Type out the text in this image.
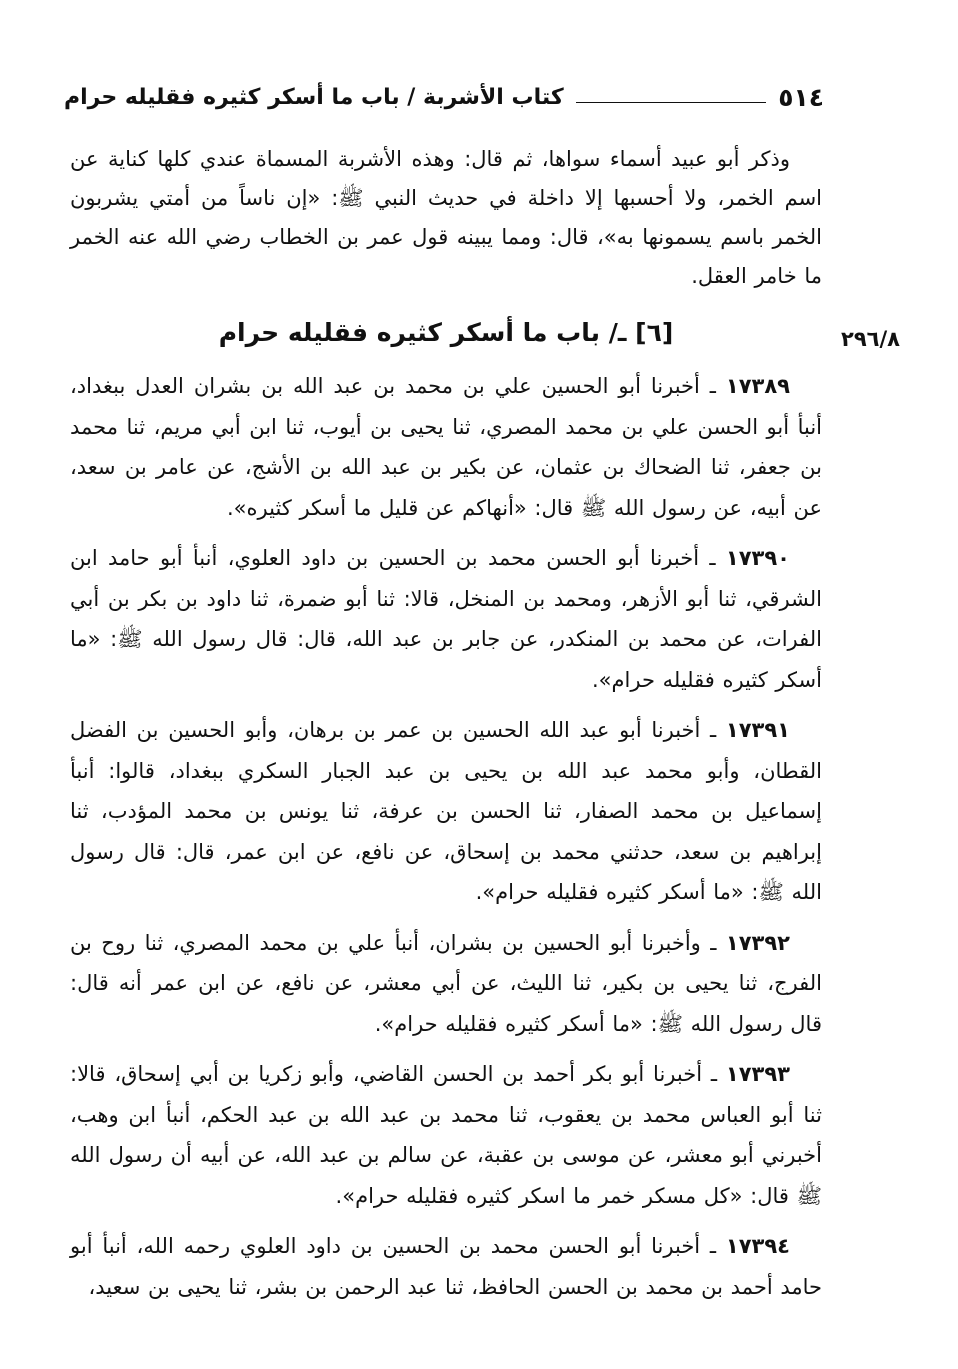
٥١٤
كتاب الأشربة / باب ما أسكر كثيره فقليله حرام

وذكر أبو عبيد أسماء سواها، ثم قال: وهذه الأشربة المسماة عندي كلها كناية عن اسم الخمر، ولا أحسبها إلا داخلة في حديث النبي ﷺ: «إن ناساً من أمتي يشربون الخمر باسم يسمونها به»، قال: ومما يبينه قول عمر بن الخطاب رضي الله عنه الخمر ما خامر العقل.

[٦] ـ/ باب ما أسكر كثيره فقليله حرام	٢٩٦/٨

١٧٣٨٩ ـ أخبرنا أبو الحسين علي بن محمد بن عبد الله بن بشران العدل ببغداد، أنبأ أبو الحسن علي بن محمد المصري، ثنا يحيى بن أيوب، ثنا ابن أبي مريم، ثنا محمد بن جعفر، ثنا الضحاك بن عثمان، عن بكير بن عبد الله بن الأشج، عن عامر بن سعد، عن أبيه، عن رسول الله ﷺ قال: «أنهاكم عن قليل ما أسكر كثيره».

١٧٣٩٠ ـ أخبرنا أبو الحسن محمد بن الحسين بن داود العلوي، أنبأ أبو حامد ابن الشرقي، ثنا أبو الأزهر، ومحمد بن المنخل، قالا: ثنا أبو ضمرة، ثنا داود بن بكر بن أبي الفرات، عن محمد بن المنكدر، عن جابر بن عبد الله، قال: قال رسول الله ﷺ: «ما أسكر كثيره فقليله حرام».

١٧٣٩١ ـ أخبرنا أبو عبد الله الحسين بن عمر بن برهان، وأبو الحسين بن الفضل القطان، وأبو محمد عبد الله بن يحيى بن عبد الجبار السكري ببغداد، قالوا: أنبأ إسماعيل بن محمد الصفار، ثنا الحسن بن عرفة، ثنا يونس بن محمد المؤدب، ثنا إبراهيم بن سعد، حدثني محمد بن إسحاق، عن نافع، عن ابن عمر، قال: قال رسول الله ﷺ: «ما أسكر كثيره فقليله حرام».

١٧٣٩٢ ـ وأخبرنا أبو الحسين بن بشران، أنبأ علي بن محمد المصري، ثنا روح بن الفرج، ثنا يحيى بن بكير، ثنا الليث، عن أبي معشر، عن نافع، عن ابن عمر أنه قال: قال رسول الله ﷺ: «ما أسكر كثيره فقليله حرام».

١٧٣٩٣ ـ أخبرنا أبو بكر أحمد بن الحسن القاضي، وأبو زكريا بن أبي إسحاق، قالا: ثنا أبو العباس محمد بن يعقوب، ثنا محمد بن عبد الله بن عبد الحكم، أنبأ ابن وهب، أخبرني أبو معشر، عن موسى بن عقبة، عن سالم بن عبد الله، عن أبيه أن رسول الله ﷺ قال: «كل مسكر خمر ما اسكر كثيره فقليله حرام».

١٧٣٩٤ ـ أخبرنا أبو الحسن محمد بن الحسين بن داود العلوي رحمه الله، أنبأ أبو حامد أحمد بن محمد بن الحسن الحافظ، ثنا عبد الرحمن بن بشر، ثنا يحيى بن سعيد،
